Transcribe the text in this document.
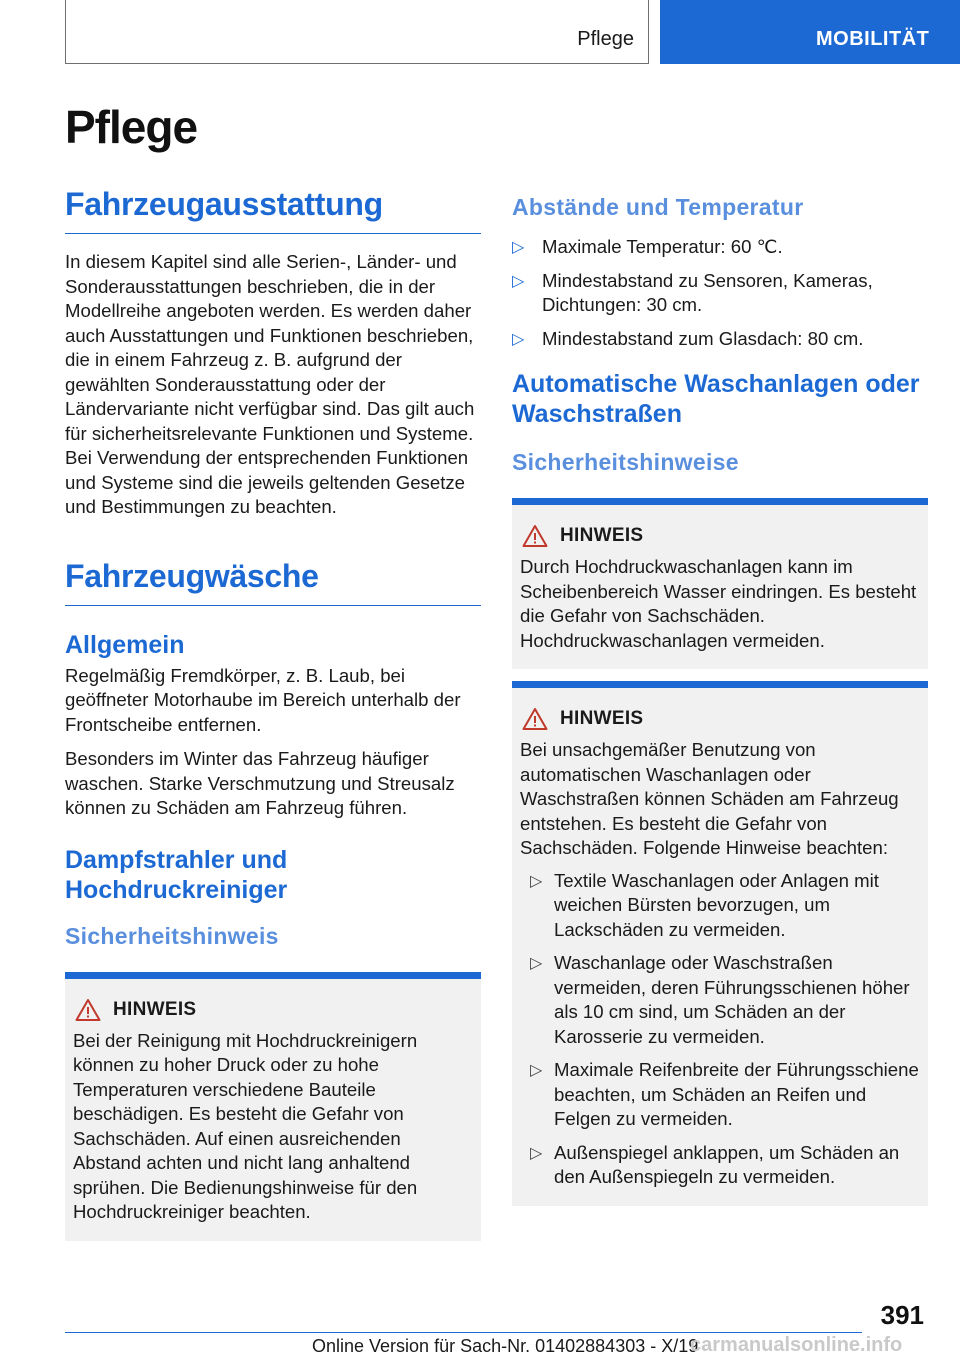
Pflege	MOBILITÄT
Pflege
Fahrzeugausstattung

In diesem Kapitel sind alle Serien-, Länder- und Sonderausstattungen beschrieben, die in der Modellreihe angeboten werden. Es werden daher auch Ausstattungen und Funktionen beschrieben, die in einem Fahrzeug z. B. aufgrund der gewählten Sonderausstattung oder der Ländervariante nicht verfügbar sind. Das gilt auch für sicherheitsrelevante Funktionen und Systeme. Bei Verwendung der entsprechenden Funktionen und Systeme sind die jeweils geltenden Gesetze und Bestimmungen zu beachten.

Fahrzeugwäsche
Allgemein

Regelmäßig Fremdkörper, z. B. Laub, bei geöffneter Motorhaube im Bereich unterhalb der Frontscheibe entfernen.

Besonders im Winter das Fahrzeug häufiger waschen. Starke Verschmutzung und Streusalz können zu Schäden am Fahrzeug führen.

Dampfstrahler und Hochdruckreiniger
Sicherheitshinweis
HINWEIS

Bei der Reinigung mit Hochdruckreinigern können zu hoher Druck oder zu hohe Temperaturen verschiedene Bauteile beschädigen. Es besteht die Gefahr von Sachschäden. Auf einen ausreichenden Abstand achten und nicht lang anhaltend sprühen. Die Bedienungshinweise für den Hochdruckreiniger beachten.

Abstände und Temperatur
▷ Maximale Temperatur: 60 ℃.
▷ Mindestabstand zu Sensoren, Kameras, Dichtungen: 30 cm.
▷ Mindestabstand zum Glasdach: 80 cm.
Automatische Waschanlagen oder Waschstraßen
Sicherheitshinweise
HINWEIS

Durch Hochdruckwaschanlagen kann im Scheibenbereich Wasser eindringen. Es besteht die Gefahr von Sachschäden. Hochdruckwaschanlagen vermeiden.

HINWEIS

Bei unsachgemäßer Benutzung von automatischen Waschanlagen oder Waschstraßen können Schäden am Fahrzeug entstehen. Es besteht die Gefahr von Sachschäden. Folgende Hinweise beachten:

▷ Textile Waschanlagen oder Anlagen mit weichen Bürsten bevorzugen, um Lackschäden zu vermeiden.
▷ Waschanlage oder Waschstraßen vermeiden, deren Führungsschienen höher als 10 cm sind, um Schäden an der Karosserie zu vermeiden.
▷ Maximale Reifenbreite der Führungsschiene beachten, um Schäden an Reifen und Felgen zu vermeiden.
▷ Außenspiegel anklappen, um Schäden an den Außenspiegeln zu vermeiden.
391
Online Version für Sach-Nr. 01402884303 - X/19
carmanualsonline.info
